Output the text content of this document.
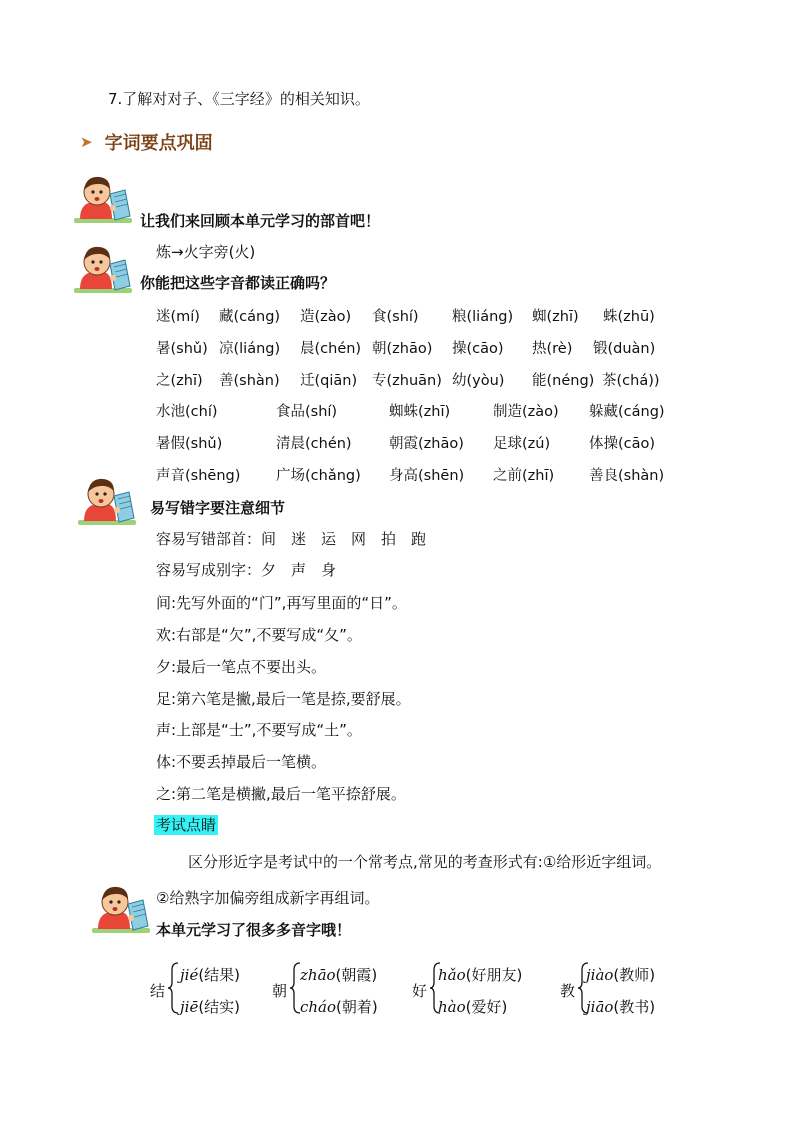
7.了解对对子、《三字经》的相关知识。
➤ 字词要点巩固
让我们来回顾本单元学习的部首吧！
炼→火字旁(火)
你能把这些字音都读正确吗？
迷(mí) 藏(cáng) 造(zào) 食(shí) 粮(liáng) 蜘(zhī) 蛛(zhū)
暑(shǔ) 凉(liáng) 晨(chén) 朝(zhāo) 操(cāo) 热(rè) 锻(duàn)
之(zhī) 善(shàn) 迁(qiān) 专(zhuān) 幼(yòu) 能(néng) 茶(chá))
水池(chí)	食品(shí)	蜘蛛(zhī)	制造(zào) 躲藏(cáng)
暑假(shǔ)	清晨(chén)	朝霞(zhāo) 足球(zú)	体操(cāo)
声音(shēng) 广场(chǎng) 身高(shēn) 之前(zhī) 善良(shàn)
易写错字要注意细节
容易写错部首：间　迷　运　网　拍　跑
容易写成别字：夕　声　身
间:先写外面的“门”,再写里面的“日”。
欢:右部是“欠”,不要写成“夂”。
夕:最后一笔点不要出头。
足:第六笔是撇,最后一笔是捺,要舒展。
声:上部是“士”,不要写成“土”。
体:不要丢掉最后一笔横。
之:第二笔是横撇,最后一笔平捺舒展。
考试点睛
区分形近字是考试中的一个常考点,常见的考查形式有:①给形近字组词。
②给熟字加偏旁组成新字再组词。
本单元学习了很多多音字哦！
结
jié(结果)
jiē(结实)
朝
zhāo(朝霞)
cháo(朝着)
好
hǎo(好朋友)
hào(爱好)
教
jiào(教师)
jiāo(教书)
